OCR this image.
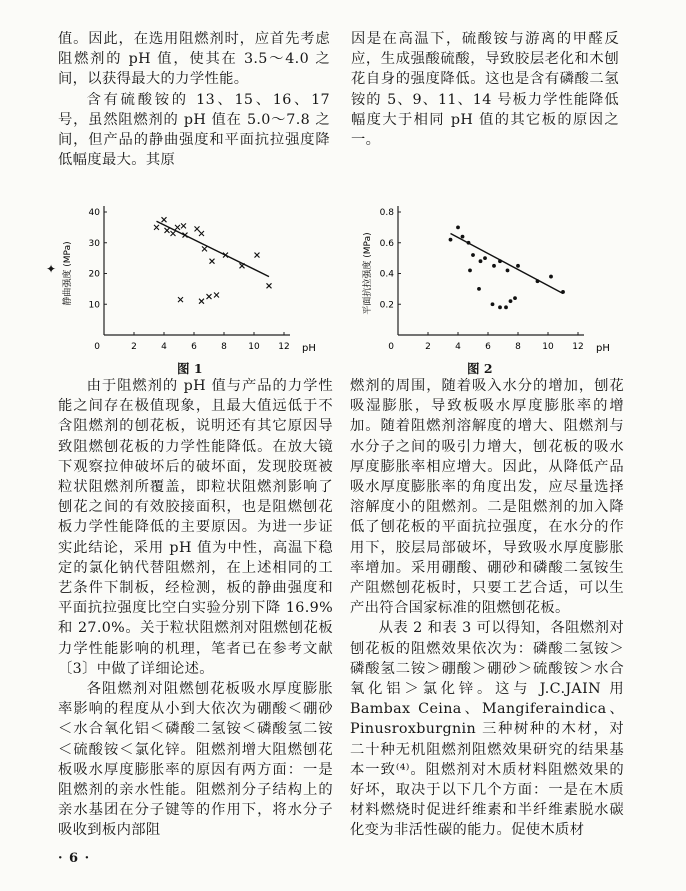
值。因此，在选用阻燃剂时，应首先考虑阻燃剂的 pH 值，使其在 3.5～4.0 之间，以获得最大的力学性能。

含有硫酸铵的 13、15、16、17 号，虽然阻燃剂的 pH 值在 5.0～7.8 之间，但产品的静曲强度和平面抗拉强度降低幅度最大。其原

因是在高温下，硫酸铵与游离的甲醛反应，生成强酸硫酸，导致胶层老化和木刨花自身的强度降低。这也是含有磷酸二氢铵的 5、9、11、14 号板力学性能降低幅度大于相同 pH 值的其它板的原因之一。

✦
0	2	4	6	8 10 12
10
20
30
40
pH
静曲强度 (MPa)
0	2	4	6	8 10 12
0.2
0.4
0.6
0.8
pH
平面抗拉强度 (MPa)
图 1	图 2

由于阻燃剂的 pH 值与产品的力学性能之间存在极值现象，且最大值远低于不含阻燃剂的刨花板，说明还有其它原因导致阻燃刨花板的力学性能降低。在放大镜下观察拉伸破坏后的破坏面，发现胶斑被粒状阻燃剂所覆盖，即粒状阻燃剂影响了刨花之间的有效胶接面积，也是阻燃刨花板力学性能降低的主要原因。为进一步证实此结论，采用 pH 值为中性，高温下稳定的氯化钠代替阻燃剂，在上述相同的工艺条件下制板，经检测，板的静曲强度和平面抗拉强度比空白实验分别下降 16.9%和 27.0%。关于粒状阻燃剂对阻燃刨花板力学性能影响的机理，笔者已在参考文献〔3〕中做了详细论述。

各阻燃剂对阻燃刨花板吸水厚度膨胀率影响的程度从小到大依次为硼酸＜硼砂＜水合氧化铝＜磷酸二氢铵＜磷酸氢二铵＜硫酸铵＜氯化锌。阻燃剂增大阻燃刨花板吸水厚度膨胀率的原因有两方面：一是阻燃剂的亲水性能。阻燃剂分子结构上的亲水基团在分子键等的作用下，将水分子吸收到板内部阻

燃剂的周围，随着吸入水分的增加，刨花吸湿膨胀，导致板吸水厚度膨胀率的增加。随着阻燃剂溶解度的增大、阻燃剂与水分子之间的吸引力增大，刨花板的吸水厚度膨胀率相应增大。因此，从降低产品吸水厚度膨胀率的角度出发，应尽量选择溶解度小的阻燃剂。二是阻燃剂的加入降低了刨花板的平面抗拉强度，在水分的作用下，胶层局部破坏，导致吸水厚度膨胀率增加。采用硼酸、硼砂和磷酸二氢铵生产阻燃刨花板时，只要工艺合适，可以生产出符合国家标准的阻燃刨花板。

从表 2 和表 3 可以得知，各阻燃剂对刨花板的阻燃效果依次为：磷酸二氢铵＞磷酸氢二铵＞硼酸＞硼砂＞硫酸铵＞水合氧化铝＞氯化锌。这与 J.C.JAIN 用 Bambax Ceina、Mangiferaindica、Pinusroxburgnin 三种树种的木材，对二十种无机阻燃剂阻燃效果研究的结果基本一致⁽⁴⁾。阻燃剂对木质材料阻燃效果的好坏，取决于以下几个方面：一是在木质材料燃烧时促进纤维素和半纤维素脱水碳化变为非活性碳的能力。促使木质材

· 6 ·
